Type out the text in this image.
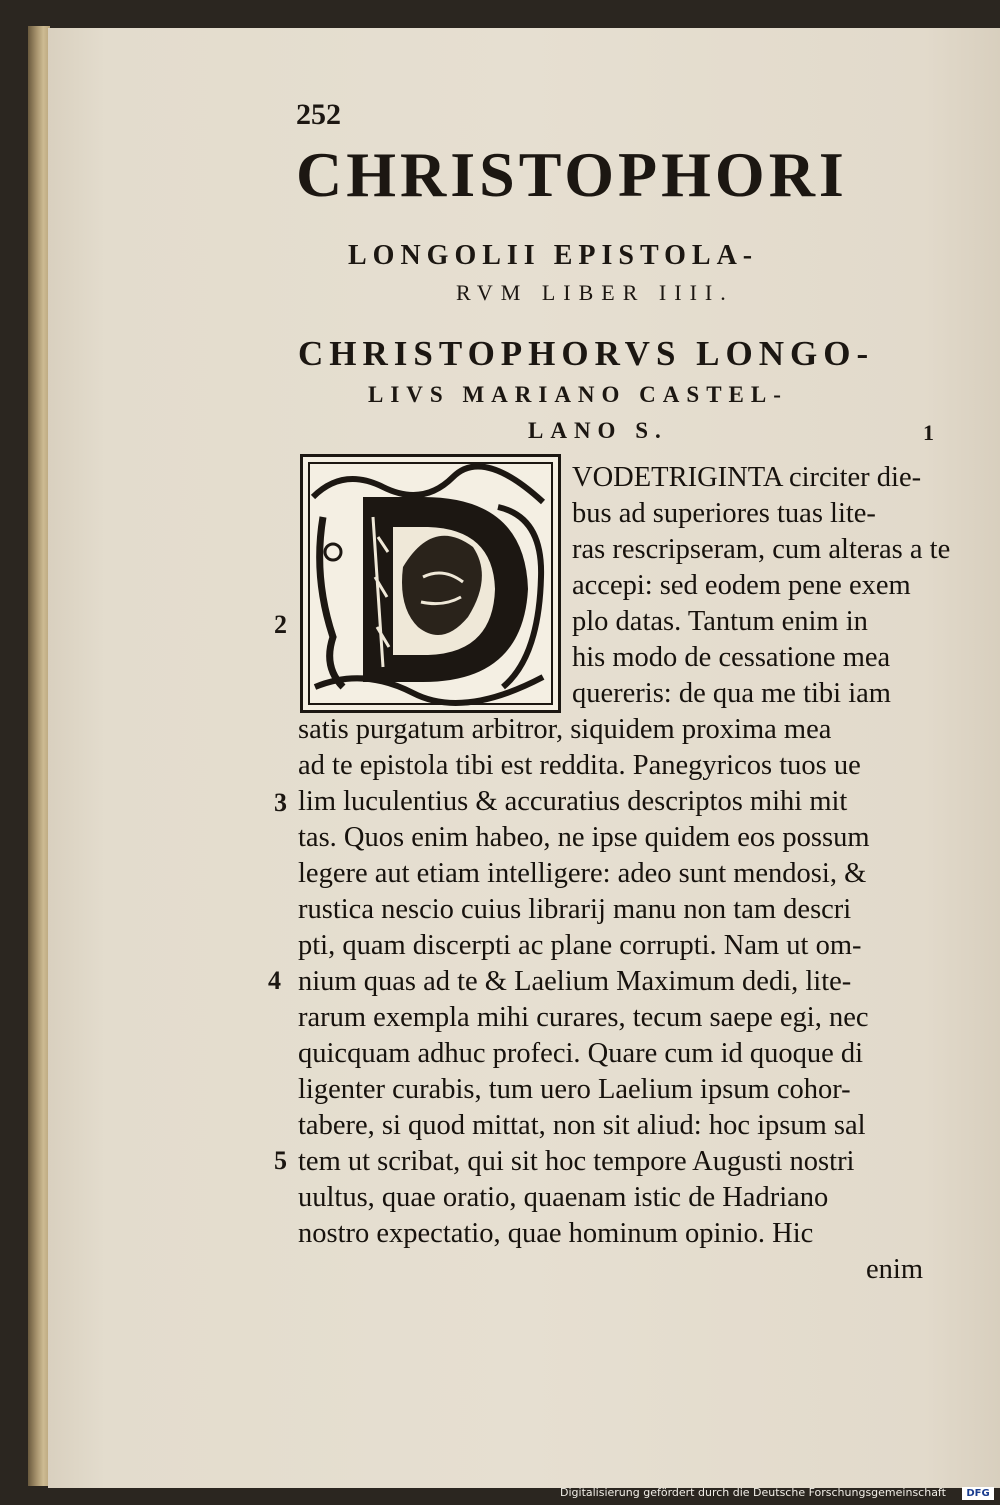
252
CHRISTOPHORI
LONGOLII EPISTOLA-
RVM LIBER IIII.
CHRISTOPHORVS LONGO-
LIVS MARIANO CASTEL-
LANO S.	1
VODETRIGINTA circiter die-
bus ad superiores tuas lite-
ras rescripseram, cum alteras a te
accepi: sed eodem pene exem
plo datas. Tantum enim in
his modo de cessatione mea
quereris: de qua me tibi iam
satis purgatum arbitror, siquidem proxima mea
ad te epistola tibi est reddita. Panegyricos tuos ue
lim luculentius & accuratius descriptos mihi mit
tas. Quos enim habeo, ne ipse quidem eos possum
legere aut etiam intelligere: adeo sunt mendosi, &
rustica nescio cuius librarij manu non tam descri
pti, quam discerpti ac plane corrupti. Nam ut om-
nium quas ad te & Laelium Maximum dedi, lite-
rarum exempla mihi curares, tecum saepe egi, nec
quicquam adhuc profeci. Quare cum id quoque di
ligenter curabis, tum uero Laelium ipsum cohor-
tabere, si quod mittat, non sit aliud: hoc ipsum sal
tem ut scribat, qui sit hoc tempore Augusti nostri
uultus, quae oratio, quaenam istic de Hadriano
nostro expectatio, quae hominum opinio. Hic
enim
2
3
4
5
Digitalisierung gefördert durch die Deutsche Forschungsgemeinschaft	DFG
